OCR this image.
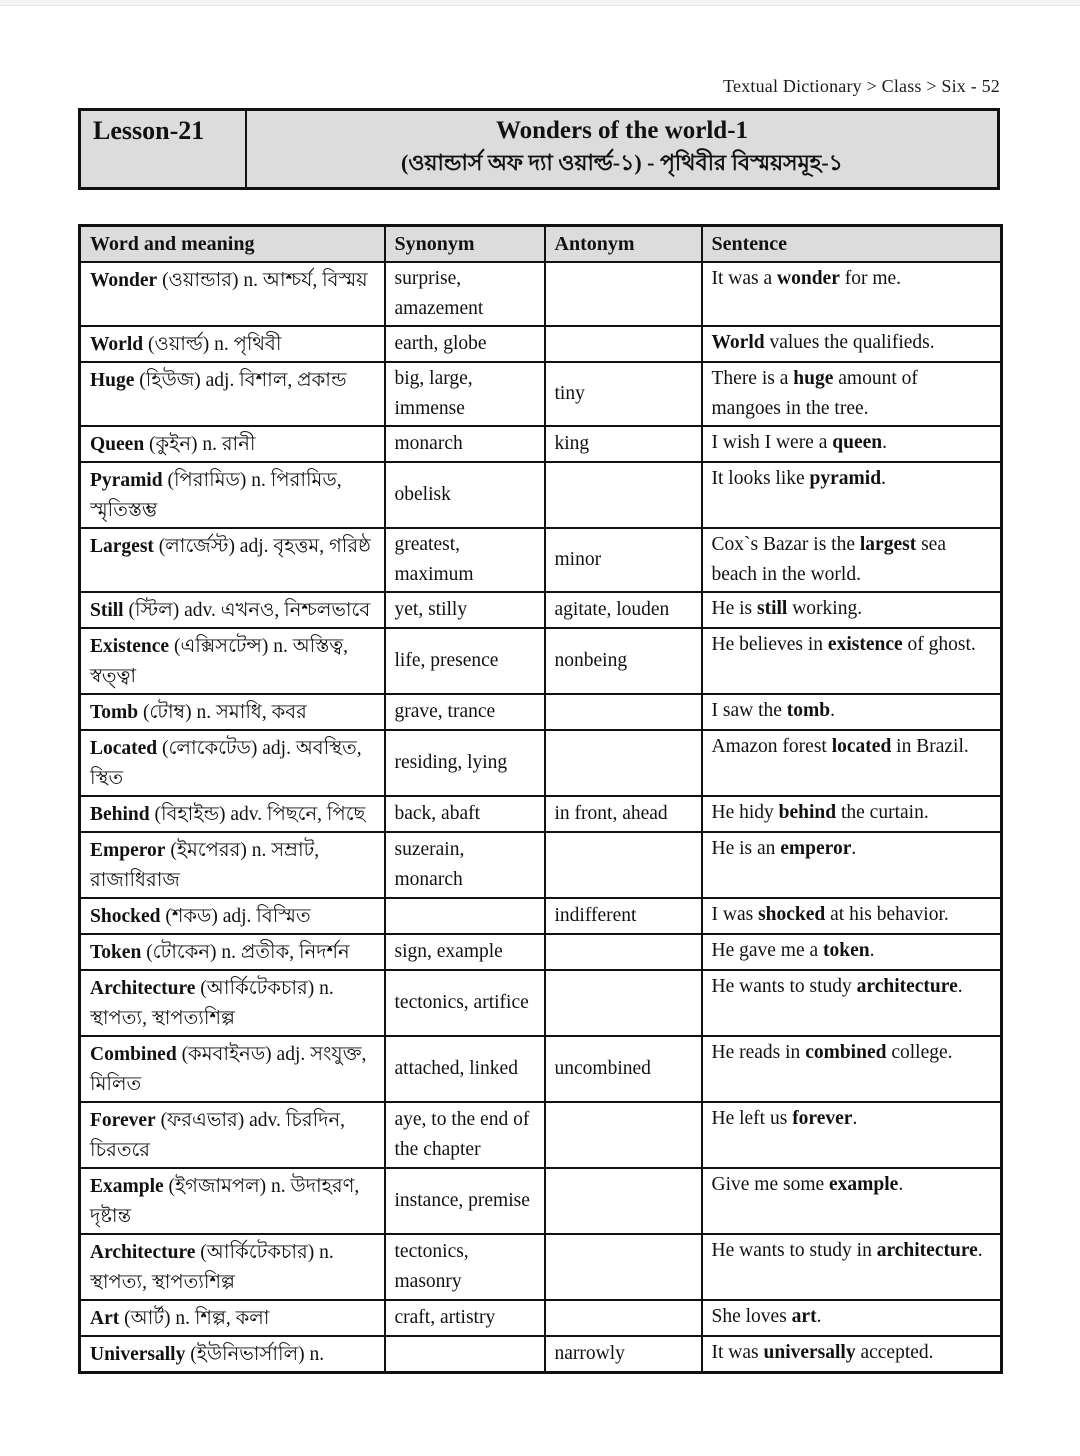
Textual Dictionary > Class > Six - 52
Lesson-21	Wonders of the world-1
(ওয়ান্ডার্স অফ দ্যা ওয়ার্ল্ড-১) - পৃথিবীর বিস্ময়সমূহ-১
Word and meaning	Synonym	Antonym	Sentence
Wonder (ওয়ান্ডার) n. আশ্চর্য, বিস্ময়	surprise, amazement		It was a wonder for me.
World (ওয়ার্ল্ড) n. পৃথিবী	earth, globe		World values the qualifieds.
Huge (হিউজ) adj. বিশাল, প্রকান্ড	big, large, immense	tiny	There is a huge amount of mangoes in the tree.
Queen (কুইন) n. রানী	monarch	king	I wish I were a queen.
Pyramid (পিরামিড) n. পিরামিড, স্মৃতিস্তম্ভ	obelisk		It looks like pyramid.
Largest (লার্জেস্ট) adj. বৃহত্তম, গরিষ্ঠ	greatest, maximum	minor	Cox`s Bazar is the largest sea beach in the world.
Still (স্টিল) adv. এখনও, নিশ্চলভাবে	yet, stilly	agitate, louden	He is still working.
Existence (এক্সিসটেন্স) n. অস্তিত্ব, স্বত্ত্বা	life, presence	nonbeing	He believes in existence of ghost.
Tomb (টোম্ব) n. সমাধি, কবর	grave, trance		I saw the tomb.
Located (লোকেটেড) adj. অবস্থিত, স্থিত	residing, lying		Amazon forest located in Brazil.
Behind (বিহাইন্ড) adv. পিছনে, পিছে	back, abaft	in front, ahead	He hidy behind the curtain.
Emperor (ইমপেরর) n. সম্রাট, রাজাধিরাজ	suzerain, monarch		He is an emperor.
Shocked (শকড) adj. বিস্মিত		indifferent	I was shocked at his behavior.
Token (টোকেন) n. প্রতীক, নিদর্শন	sign, example		He gave me a token.
Architecture (আর্কিটেকচার) n. স্থাপত্য, স্থাপত্যশিল্প	tectonics, artifice		He wants to study architecture.
Combined (কমবাইনড) adj. সংযুক্ত, মিলিত	attached, linked	uncombined	He reads in combined college.
Forever (ফরএভার) adv. চিরদিন, চিরতরে	aye, to the end of the chapter		He left us forever.
Example (ইগজামপল) n. উদাহরণ, দৃষ্টান্ত	instance, premise		Give me some example.
Architecture (আর্কিটেকচার) n. স্থাপত্য, স্থাপত্যশিল্প	tectonics, masonry		He wants to study in architecture.
Art (আর্ট) n. শিল্প, কলা	craft, artistry		She loves art.
Universally (ইউনিভার্সালি) n.		narrowly	It was universally accepted.
